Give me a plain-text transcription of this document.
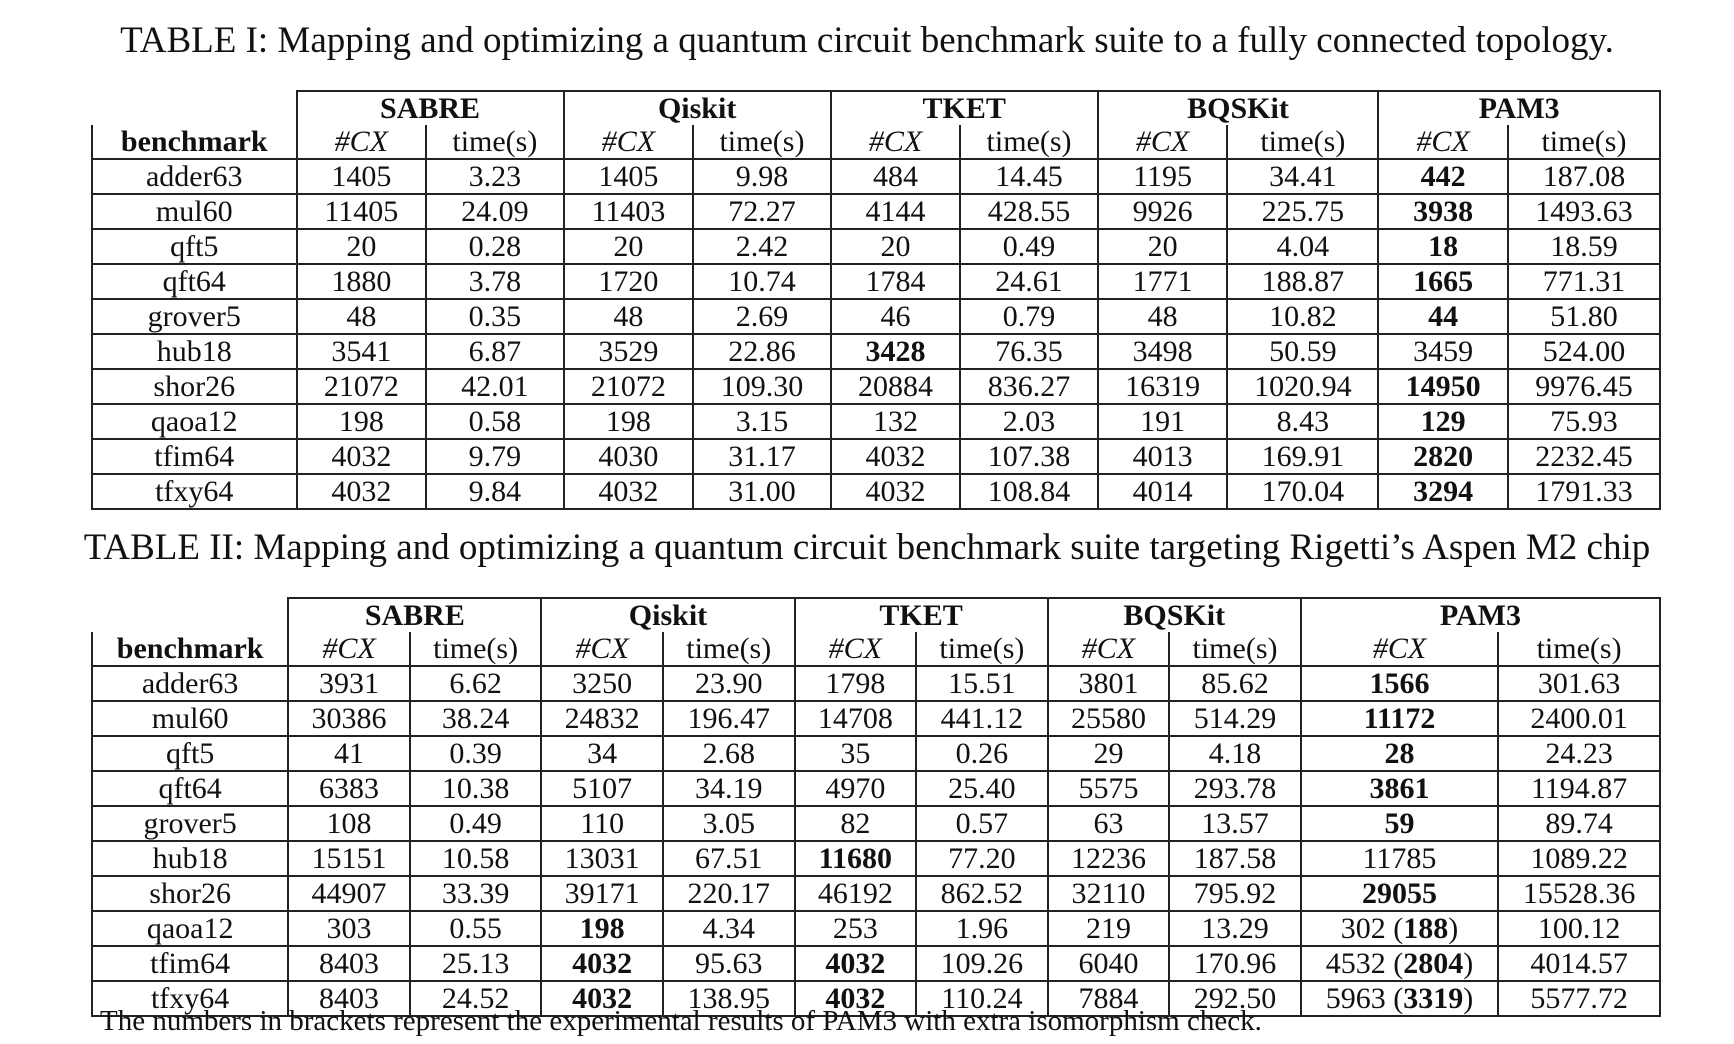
TABLE I: Mapping and optimizing a quantum circuit benchmark suite to a fully connected topology.
	SABRE		Qiskit		TKET		BQSKit		PAM3	
benchmark	#CX	time(s)	#CX	time(s)	#CX	time(s)	#CX	time(s)	#CX	time(s)
adder63	1405	3.23	1405	9.98	484	14.45	1195	34.41	442	187.08
mul60	11405	24.09	11403	72.27	4144	428.55	9926	225.75	3938	1493.63
qft5	20	0.28	20	2.42	20	0.49	20	4.04	18	18.59
qft64	1880	3.78	1720	10.74	1784	24.61	1771	188.87	1665	771.31
grover5	48	0.35	48	2.69	46	0.79	48	10.82	44	51.80
hub18	3541	6.87	3529	22.86	3428	76.35	3498	50.59	3459	524.00
shor26	21072	42.01	21072	109.30	20884	836.27	16319	1020.94	14950	9976.45
qaoa12	198	0.58	198	3.15	132	2.03	191	8.43	129	75.93
tfim64	4032	9.79	4030	31.17	4032	107.38	4013	169.91	2820	2232.45
tfxy64	4032	9.84	4032	31.00	4032	108.84	4014	170.04	3294	1791.33
TABLE II: Mapping and optimizing a quantum circuit benchmark suite targeting Rigetti’s Aspen M2 chip
	SABRE		Qiskit		TKET		BQSKit		PAM3	
benchmark	#CX	time(s)	#CX	time(s)	#CX	time(s)	#CX	time(s)	#CX	time(s)
adder63	3931	6.62	3250	23.90	1798	15.51	3801	85.62	1566	301.63
mul60	30386	38.24	24832	196.47	14708	441.12	25580	514.29	11172	2400.01
qft5	41	0.39	34	2.68	35	0.26	29	4.18	28	24.23
qft64	6383	10.38	5107	34.19	4970	25.40	5575	293.78	3861	1194.87
grover5	108	0.49	110	3.05	82	0.57	63	13.57	59	89.74
hub18	15151	10.58	13031	67.51	11680	77.20	12236	187.58	11785	1089.22
shor26	44907	33.39	39171	220.17	46192	862.52	32110	795.92	29055	15528.36
qaoa12	303	0.55	198	4.34	253	1.96	219	13.29	302 (188)	100.12
tfim64	8403	25.13	4032	95.63	4032	109.26	6040	170.96	4532 (2804)	4014.57
tfxy64	8403	24.52	4032	138.95	4032	110.24	7884	292.50	5963 (3319)	5577.72
The numbers in brackets represent the experimental results of PAM3 with extra isomorphism check.
